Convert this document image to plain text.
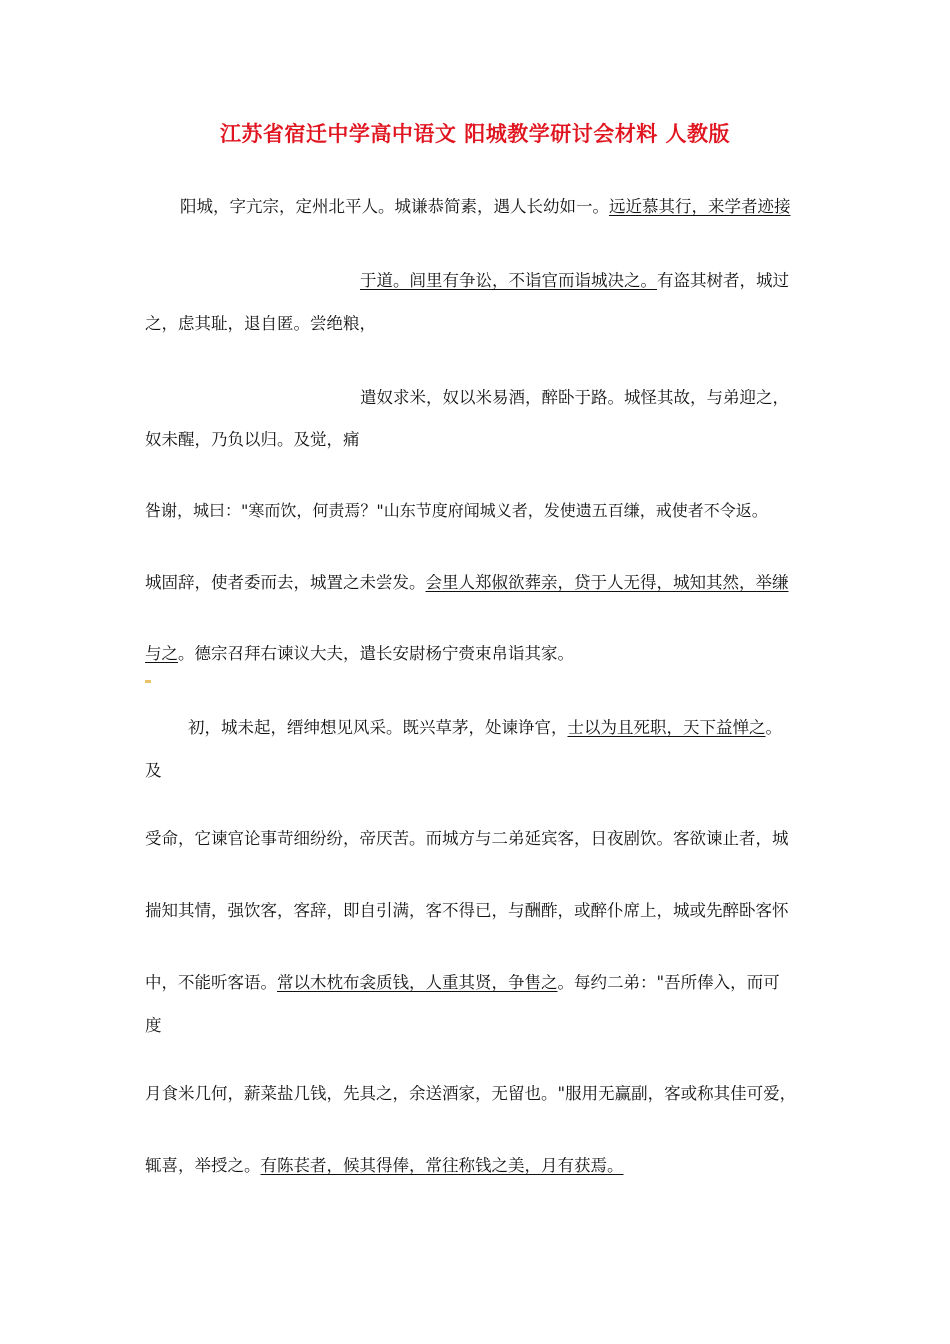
江苏省宿迁中学高中语文 阳城教学研讨会材料 人教版
阳城，字亢宗，定州北平人。城谦恭简素，遇人长幼如一。远近慕其行，来学者迹接
于道。闾里有争讼，不诣官而诣城决之。有盗其树者，城过
之，虑其耻，退自匿。尝绝粮，
遣奴求米，奴以米易酒，醉卧于路。城怪其故，与弟迎之，
奴未醒，乃负以归。及觉，痛
咎谢，城曰："寒而饮，何责焉？"山东节度府闻城义者，发使遗五百缣，戒使者不令返。
城固辞，使者委而去，城置之未尝发。会里人郑俶欲葬亲，贷于人无得，城知其然，举缣
与之。德宗召拜右谏议大夫，遣长安尉杨宁赍束帛诣其家。
初，城未起，缙绅想见风采。既兴草茅，处谏诤官，士以为且死职，天下益惮之。
及
受命，它谏官论事苛细纷纷，帝厌苦。而城方与二弟延宾客，日夜剧饮。客欲谏止者，城
揣知其情，强饮客，客辞，即自引满，客不得已，与酬酢，或醉仆席上，城或先醉卧客怀
中，不能听客语。常以木枕布衾质钱，人重其贤，争售之。每约二弟："吾所俸入，而可
度
月食米几何，薪菜盐几钱，先具之，余送酒家，无留也。"服用无赢副，客或称其佳可爱，
辄喜，举授之。有陈苌者，候其得俸，常往称钱之美，月有获焉。
